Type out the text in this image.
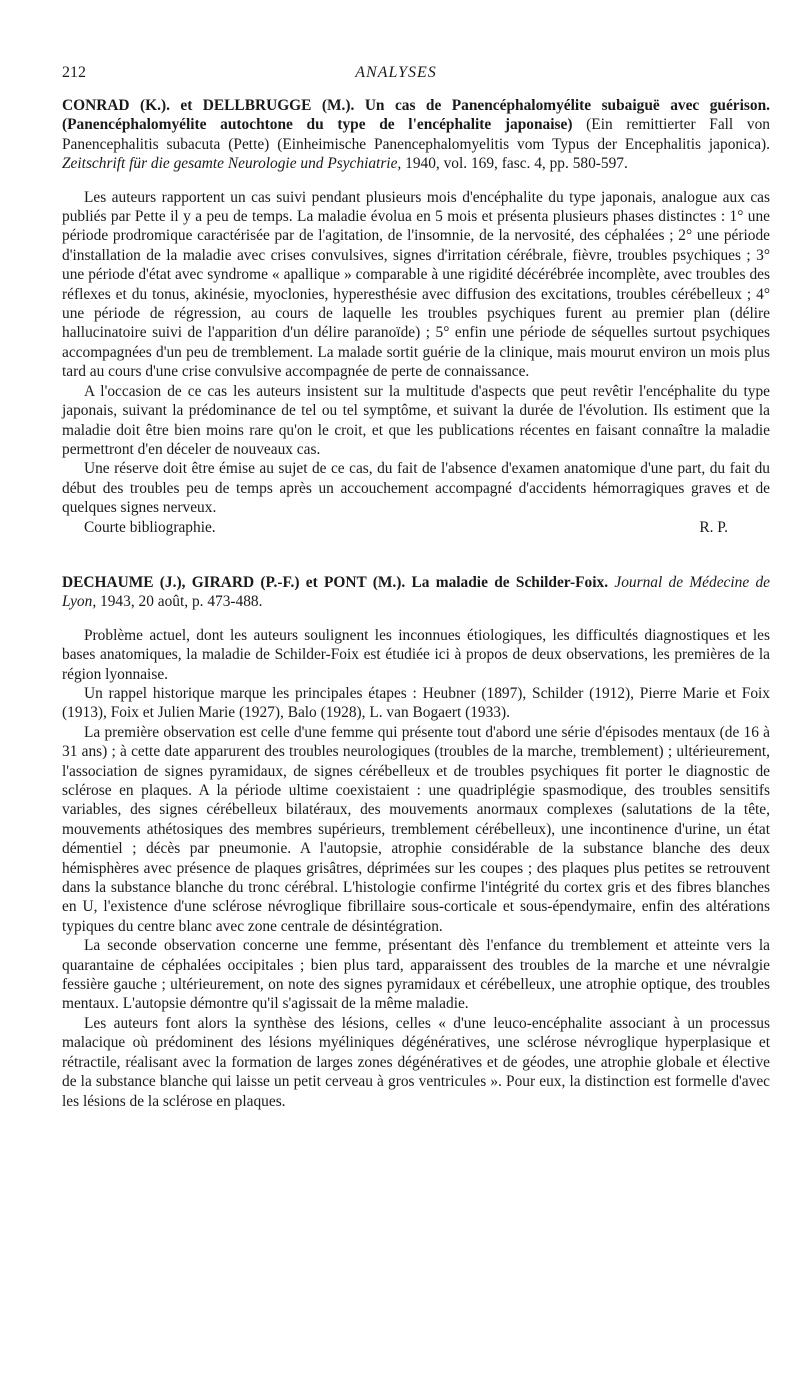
212	ANALYSES

CONRAD (K.). et DELLBRUGGE (M.). Un cas de Panencéphalomyélite subaiguë avec guérison. (Panencéphalomyélite autochtone du type de l'encéphalite japonaise) (Ein remittierter Fall von Panencephalitis subacuta (Pette) (Einheimische Panencephalomyelitis vom Typus der Encephalitis japonica). Zeitschrift für die gesamte Neurologie und Psychiatrie, 1940, vol. 169, fasc. 4, pp. 580-597.

Les auteurs rapportent un cas suivi pendant plusieurs mois d'encéphalite du type japonais, analogue aux cas publiés par Pette il y a peu de temps. La maladie évolua en 5 mois et présenta plusieurs phases distinctes : 1° une période prodromique caractérisée par de l'agitation, de l'insomnie, de la nervosité, des céphalées ; 2° une période d'installation de la maladie avec crises convulsives, signes d'irritation cérébrale, fièvre, troubles psychiques ; 3° une période d'état avec syndrome « apallique » comparable à une rigidité décérébrée incomplète, avec troubles des réflexes et du tonus, akinésie, myoclonies, hyperesthésie avec diffusion des excitations, troubles cérébelleux ; 4° une période de régression, au cours de laquelle les troubles psychiques furent au premier plan (délire hallucinatoire suivi de l'apparition d'un délire paranoïde) ; 5° enfin une période de séquelles surtout psychiques accompagnées d'un peu de tremblement. La malade sortit guérie de la clinique, mais mourut environ un mois plus tard au cours d'une crise convulsive accompagnée de perte de connaissance.

A l'occasion de ce cas les auteurs insistent sur la multitude d'aspects que peut revêtir l'encéphalite du type japonais, suivant la prédominance de tel ou tel symptôme, et suivant la durée de l'évolution. Ils estiment que la maladie doit être bien moins rare qu'on le croit, et que les publications récentes en faisant connaître la maladie permettront d'en déceler de nouveaux cas.

Une réserve doit être émise au sujet de ce cas, du fait de l'absence d'examen anatomique d'une part, du fait du début des troubles peu de temps après un accouchement accompagné d'accidents hémorragiques graves et de quelques signes nerveux.

Courte bibliographie.	R. P.

DECHAUME (J.), GIRARD (P.-F.) et PONT (M.). La maladie de Schilder-Foix. Journal de Médecine de Lyon, 1943, 20 août, p. 473-488.

Problème actuel, dont les auteurs soulignent les inconnues étiologiques, les difficultés diagnostiques et les bases anatomiques, la maladie de Schilder-Foix est étudiée ici à propos de deux observations, les premières de la région lyonnaise.

Un rappel historique marque les principales étapes : Heubner (1897), Schilder (1912), Pierre Marie et Foix (1913), Foix et Julien Marie (1927), Balo (1928), L. van Bogaert (1933).

La première observation est celle d'une femme qui présente tout d'abord une série d'épisodes mentaux (de 16 à 31 ans) ; à cette date apparurent des troubles neurologiques (troubles de la marche, tremblement) ; ultérieurement, l'association de signes pyramidaux, de signes cérébelleux et de troubles psychiques fit porter le diagnostic de sclérose en plaques. A la période ultime coexistaient : une quadriplégie spasmodique, des troubles sensitifs variables, des signes cérébelleux bilatéraux, des mouvements anormaux complexes (salutations de la tête, mouvements athétosiques des membres supérieurs, tremblement cérébelleux), une incontinence d'urine, un état démentiel ; décès par pneumonie. A l'autopsie, atrophie considérable de la substance blanche des deux hémisphères avec présence de plaques grisâtres, déprimées sur les coupes ; des plaques plus petites se retrouvent dans la substance blanche du tronc cérébral. L'histologie confirme l'intégrité du cortex gris et des fibres blanches en U, l'existence d'une sclérose névroglique fibrillaire sous-corticale et sous-épendymaire, enfin des altérations typiques du centre blanc avec zone centrale de désintégration.

La seconde observation concerne une femme, présentant dès l'enfance du tremblement et atteinte vers la quarantaine de céphalées occipitales ; bien plus tard, apparaissent des troubles de la marche et une névralgie fessière gauche ; ultérieurement, on note des signes pyramidaux et cérébelleux, une atrophie optique, des troubles mentaux. L'autopsie démontre qu'il s'agissait de la même maladie.

Les auteurs font alors la synthèse des lésions, celles « d'une leuco-encéphalite associant à un processus malacique où prédominent des lésions myéliniques dégénératives, une sclérose névroglique hyperplasique et rétractile, réalisant avec la formation de larges zones dégénératives et de géodes, une atrophie globale et élective de la substance blanche qui laisse un petit cerveau à gros ventricules ». Pour eux, la distinction est formelle d'avec les lésions de la sclérose en plaques.
